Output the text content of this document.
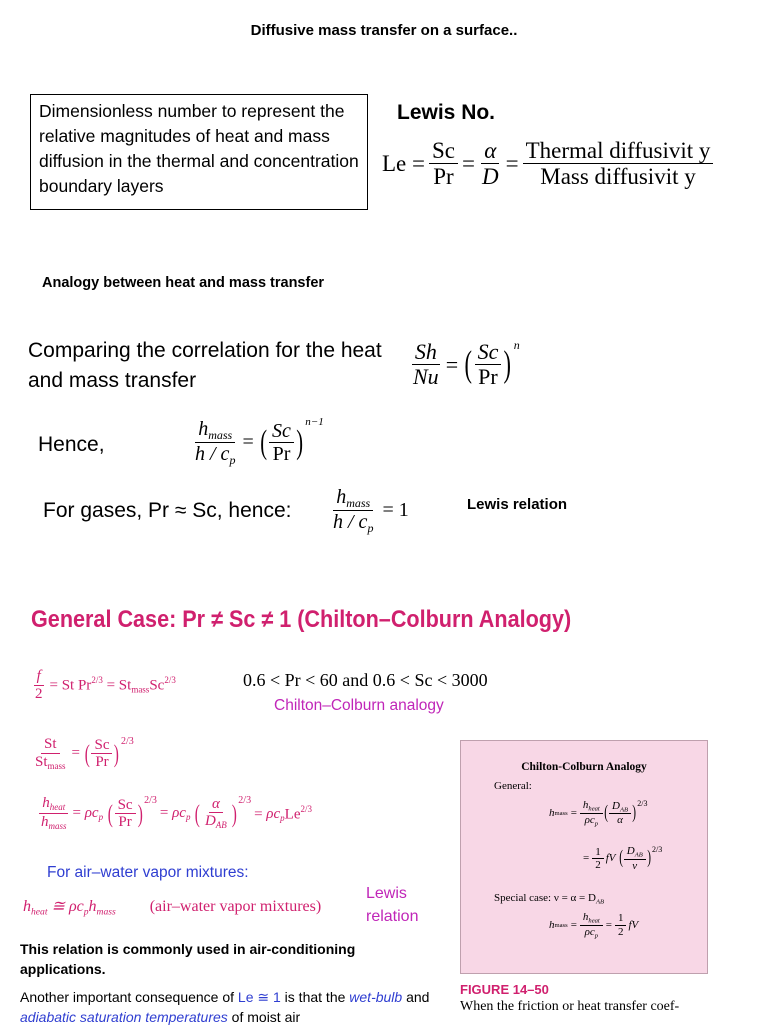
Diffusive mass transfer on a surface..
Dimensionless number to represent the relative magnitudes of heat and mass diffusion in the thermal and concentration boundary layers
Lewis No.
$Le = \frac{Sc}{Pr} = \frac{\alpha}{D} = \frac{\text{Thermal diffusivit y}}{\text{Mass diffusivit y}}$
Analogy between heat and mass transfer
Comparing the correlation for the heat and mass transfer	$\frac{Sh}{Nu}$ = ( $\frac{Sc}{Pr}$ ) n
Hence,	$\frac{h_{mass}}{h / c_p}$ = ( $\frac{Sc}{Pr}$ )
n−1
For gases, Pr ≈ Sc, hence: $\frac{h_{mass}}{h / c_p} = 1$	Lewis relation
General Case: Pr ≠ Sc ≠ 1 (Chilton–Colburn Analogy)
$\frac{f}{2} = St$ $Pr^{2/3} = St_{mass}Sc^{2/3}$	0.6 < Pr < 60 and 0.6 < Sc < 3000
Chilton–Colburn analogy
$\frac{St}{St_{mass}}$ = ( $\frac{Sc}{Pr}$ ) 2/3
$\frac{h_{heat}}{h_{mass}} = \rho c_p$ ( $\frac{Sc}{Pr}$ ) 2/3
= $\rho c_p$ ( $\frac{\alpha}{D_{AB}}$ ) 2/3
= $\rho c_pLe^{2/3}$
For air–water vapor mixtures:
$h_{heat}$ ≅ $\rho c_ph_{mass}$ (air–water vapor mixtures)
Lewis
relation
This relation is commonly used in air-conditioning applications.
Another important consequence of Le ≅ 1 is that the wet-bulb and adiabatic saturation temperatures of moist air
Chilton-Colburn Analogy
General:
h mass = $\frac{h_{heat}}{\rho c_p}$ ( $\frac{D_{AB}}{\alpha}$ ) 2/3
= $\frac{1}{2}$ fV ( $\frac{D_{AB}}{\nu}$ ) 2/3
Special case: $\nu = \alpha = D_{AB}$
h mass = $\frac{h_{heat}}{\rho c_p} = \frac{1}{2}$ fV
FIGURE 14–50
When the friction or heat transfer coef-
